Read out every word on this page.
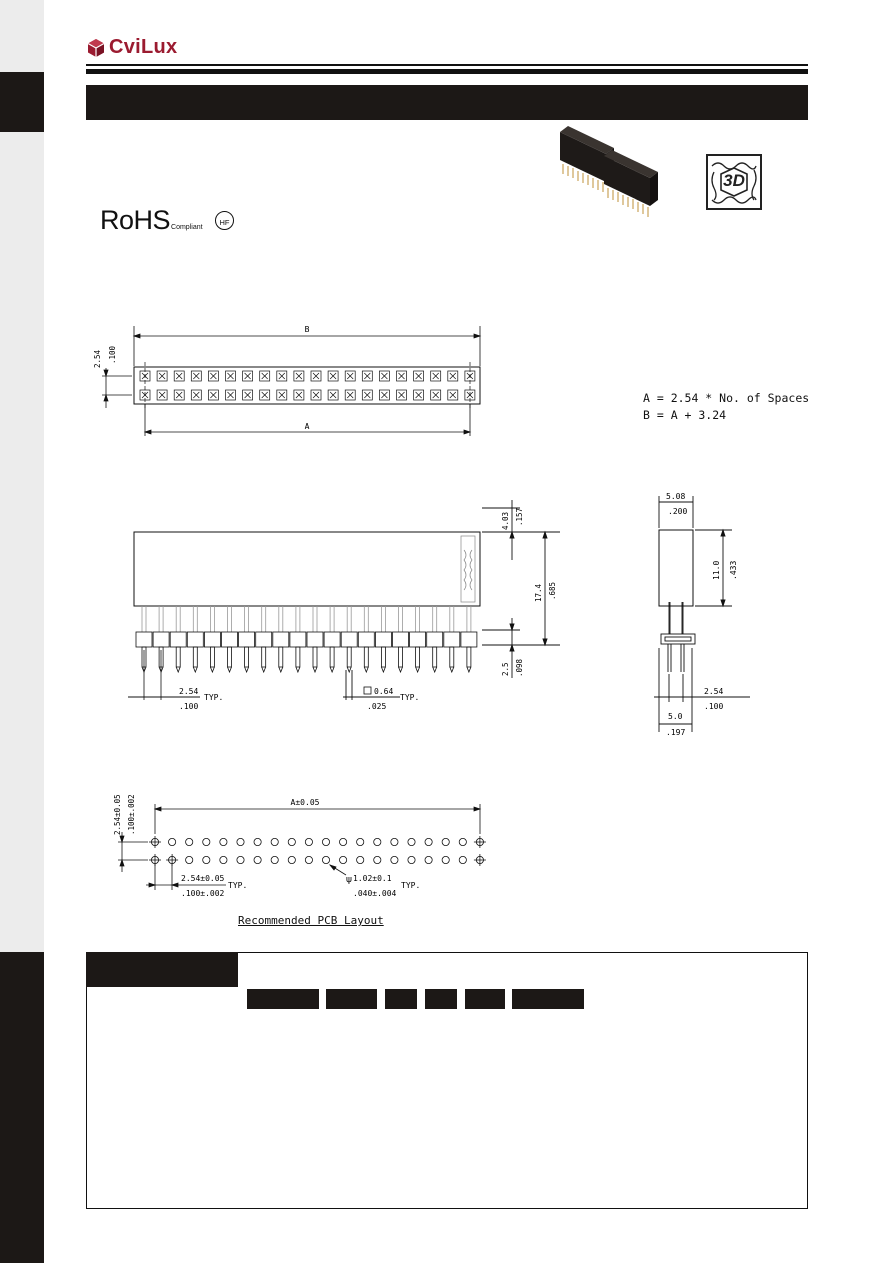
CviLux
3D
RoHSCompliant
HF
B
A
2.54 .100
A = 2.54 * No. of Spaces
B = A + 3.24
4.03 .157
17.4 .685
2.5 .098
2.54
.100
TYP.
0.64
.025
TYP.
5.08
.200
11.0 .433
2.54
.100
5.0
.197
A±0.05
2.54±0.05 .100±.002
2.54±0.05
.100±.002
TYP.
ψ 1.02±0.1
.040±.004
TYP.
Recommended PCB Layout
